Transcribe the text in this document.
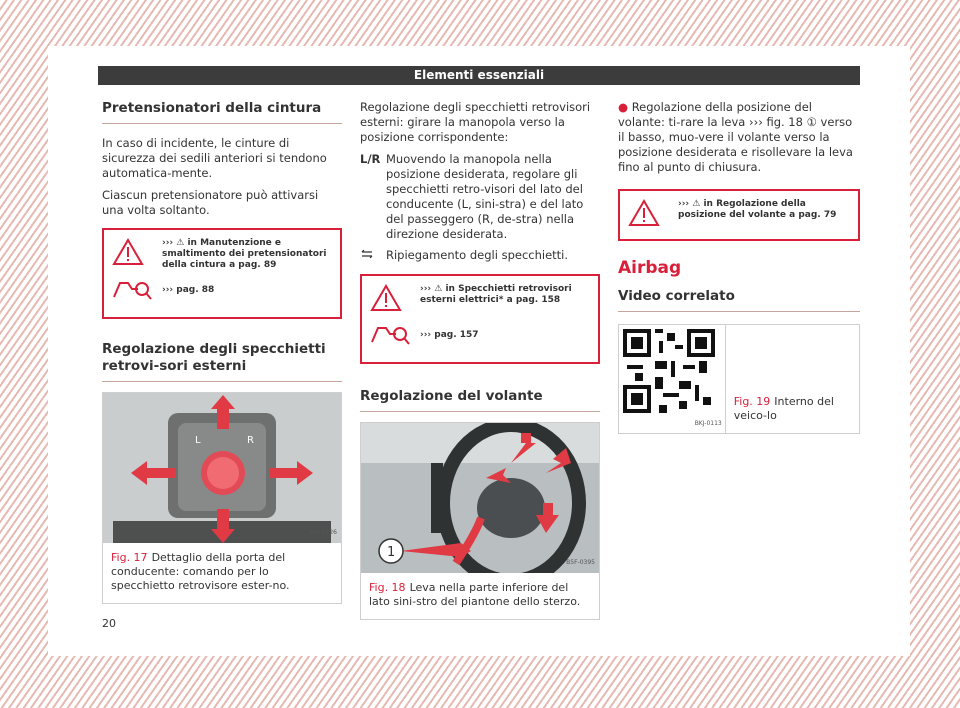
Elementi essenziali
Pretensionatori della cintura

In caso di incidente, le cinture di sicurezza dei sedili anteriori si tendono automatica-mente.

Ciascun pretensionatore può attivarsi una volta soltanto.

››› ⚠ in Manutenzione e smaltimento dei pretensionatori della cintura a pag. 89
››› pag. 88
Regolazione degli specchietti retrovi-sori esterni
L	R
BKJ-0126
Fig. 17 Dettaglio della porta del conducente: comando per lo specchietto retrovisore ester-no.

Regolazione degli specchietti retrovisori esterni: girare la manopola verso la posizione corrispondente:

L/R Muovendo la manopola nella posizione desiderata, regolare gli specchietti retro-visori del lato del conducente (L, sini-stra) e del lato del passeggero (R, de-stra) nella direzione desiderata.
Ripiegamento degli specchietti.
››› ⚠ in Specchietti retrovisori esterni elettrici* a pag. 158
››› pag. 157
Regolazione del volante
1
B5F-0395
Fig. 18 Leva nella parte inferiore del lato sini-stro del piantone dello sterzo.

● Regolazione della posizione del volante: ti-rare la leva ››› fig. 18 ① verso il basso, muo-vere il volante verso la posizione desiderata e risollevare la leva fino al punto di chiusura.

››› ⚠ in Regolazione della posizione del volante a pag. 79
Airbag
Video correlato
BKJ-0113
Fig. 19 Interno del veico-lo
20
